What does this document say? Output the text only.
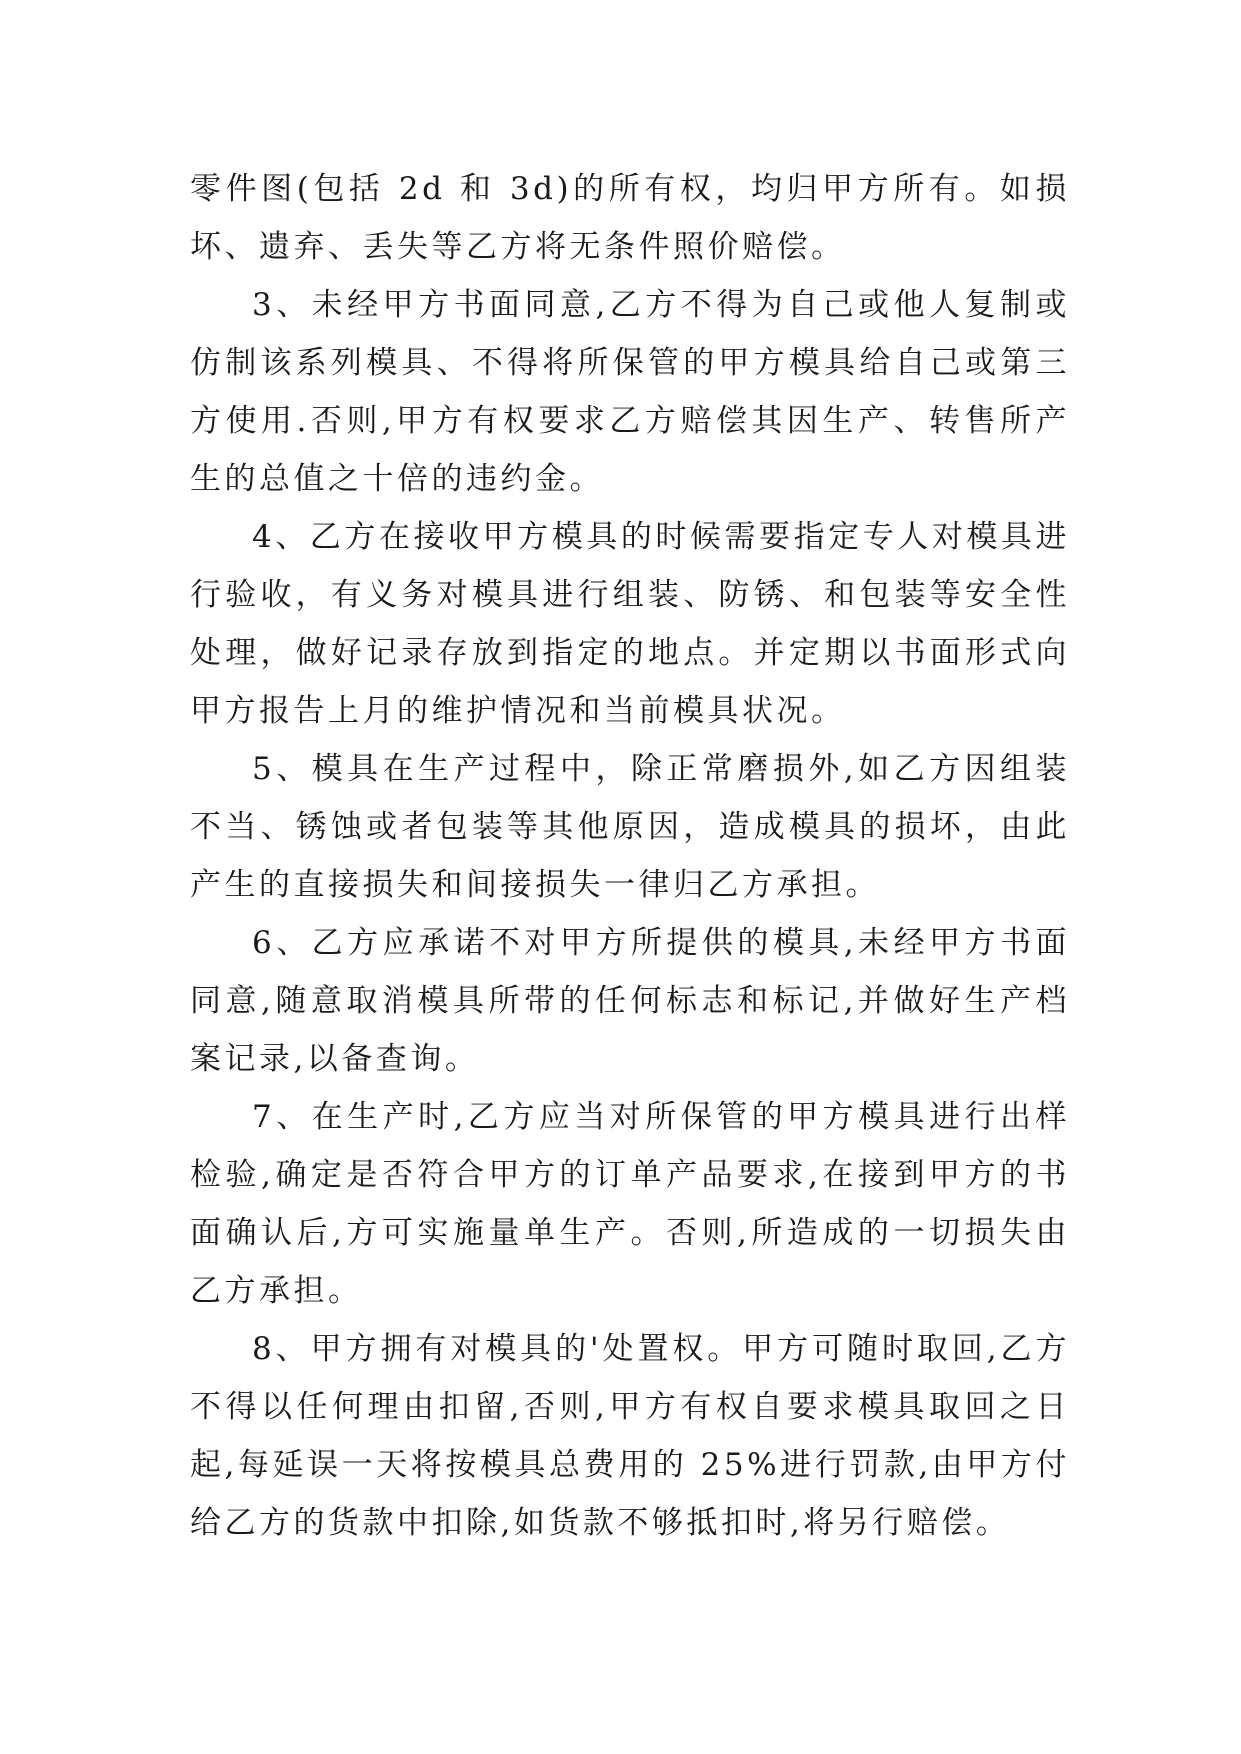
零件图(包括 2d 和 3d)的所有权，均归甲方所有。如损坏、遗弃、丢失等乙方将无条件照价赔偿。

3、未经甲方书面同意,乙方不得为自己或他人复制或仿制该系列模具、不得将所保管的甲方模具给自己或第三方使用.否则,甲方有权要求乙方赔偿其因生产、转售所产生的总值之十倍的违约金。

4、乙方在接收甲方模具的时候需要指定专人对模具进行验收，有义务对模具进行组装、防锈、和包装等安全性处理，做好记录存放到指定的地点。并定期以书面形式向甲方报告上月的维护情况和当前模具状况。

5、模具在生产过程中，除正常磨损外,如乙方因组装不当、锈蚀或者包装等其他原因，造成模具的损坏，由此产生的直接损失和间接损失一律归乙方承担。

6、乙方应承诺不对甲方所提供的模具,未经甲方书面同意,随意取消模具所带的任何标志和标记,并做好生产档案记录,以备查询。

7、在生产时,乙方应当对所保管的甲方模具进行出样检验,确定是否符合甲方的订单产品要求,在接到甲方的书面确认后,方可实施量单生产。否则,所造成的一切损失由乙方承担。

8、甲方拥有对模具的'处置权。甲方可随时取回,乙方不得以任何理由扣留,否则,甲方有权自要求模具取回之日起,每延误一天将按模具总费用的 25%进行罚款,由甲方付给乙方的货款中扣除,如货款不够抵扣时,将另行赔偿。
